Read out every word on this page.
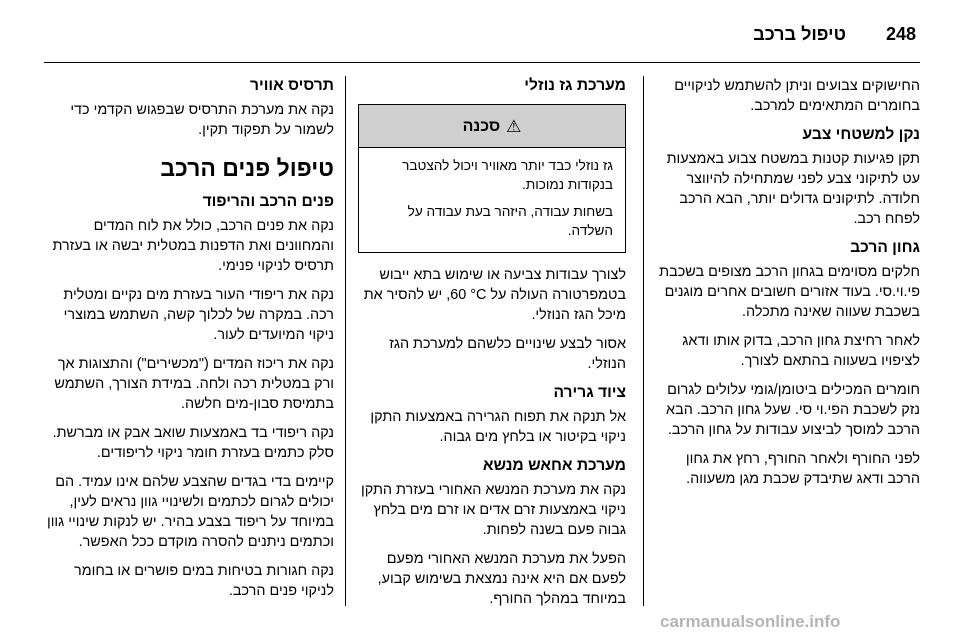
248
טיפול ברכב

החישוקים צבועים וניתן להשתמש לניקויים בחומרים המתאימים למרכב.

נקן למשטחי צבע

תקן פגיעות קטנות במשטח צבוע באמצעות עט לתיקוני צבע לפני שמתחילה להיווצר חלודה. לתיקונים גדולים יותר, הבא הרכב לפחח רכב.

גחון הרכב

חלקים מסוימים בגחון הרכב מצופים בשכבת פי.וי.סי. בעוד אזורים חשובים אחרים מוגנים בשכבת שעווה שאינה מתכלה.

לאחר רחיצת גחון הרכב, בדוק אותו ודאג לציפויו בשעווה בהתאם לצורך.

חומרים המכילים ביטומן/גומי עלולים לגרום נזק לשכבת הפי.וי סי. שעל גחון הרכב. הבא הרכב למוסך לביצוע עבודות על גחון הרכב.

לפני החורף ולאחר החורף, רחץ את גחון הרכב ודאג שתיבדק שכבת מגן משעווה.

מערכת גז נוזלי
⚠
סכנה

גז נוזלי כבד יותר מאוויר ויכול להצטבר בנקודות נמוכות.

בשחות עבודה, היזהר בעת עבודה על השלדה.

לצורך עבודות צביעה או שימוש בתא ייבוש בטמפרטורה העולה על ‎60 °C‏, יש להסיר את מיכל הגז הנוזלי.

אסור לבצע שינויים כלשהם למערכת הגז הנוזלי.

ציוד גרירה

אל תנקה את תפוח הגרירה באמצעות התקן ניקוי בקיטור או בלחץ מים גבוה.

מערכת אחאש מנשא

נקה את מערכת המנשא האחורי בעזרת התקן ניקוי באמצעות זרם אדים או זרם מים בלחץ גבוה פעם בשנה לפחות.

הפעל את מערכת המנשא האחורי מפעם לפעם אם היא אינה נמצאת בשימוש קבוע, במיוחד במהלך החורף.

תרסיס אוויר

נקה את מערכת התרסיס שבפגוש הקדמי כדי לשמור על תפקוד תקין.

טיפול פנים הרכב
פנים הרכב והריפוד

נקה את פנים הרכב, כולל את לוח המדים והמחוונים ואת הדפנות במטלית יבשה או בעזרת תרסיס לניקוי פנימי.

נקה את ריפודי העור בעזרת מים נקיים ומטלית רכה. במקרה של לכלוך קשה, השתמש במוצרי ניקוי המיועדים לעור.

נקה את ריכוז המדים ("מכשירים") והתצוגות אך ורק במטלית רכה ולחה. במידת הצורך, השתמש בתמיסת סבון-מים חלשה.

נקה ריפודי בד באמצעות שואב אבק או מברשת. סלק כתמים בעזרת חומר ניקוי לריפודים.

קיימים בדי בגדים שהצבע שלהם אינו עמיד. הם יכולים לגרום לכתמים ולשינויי גוון נראים לעין, במיוחד על ריפוד בצבע בהיר. יש לנקות שינויי גוון וכתמים ניתנים להסרה מוקדם ככל האפשר.

נקה חגורות בטיחות במים פושרים או בחומר לניקוי פנים הרכב.

carmanualsonline.info
